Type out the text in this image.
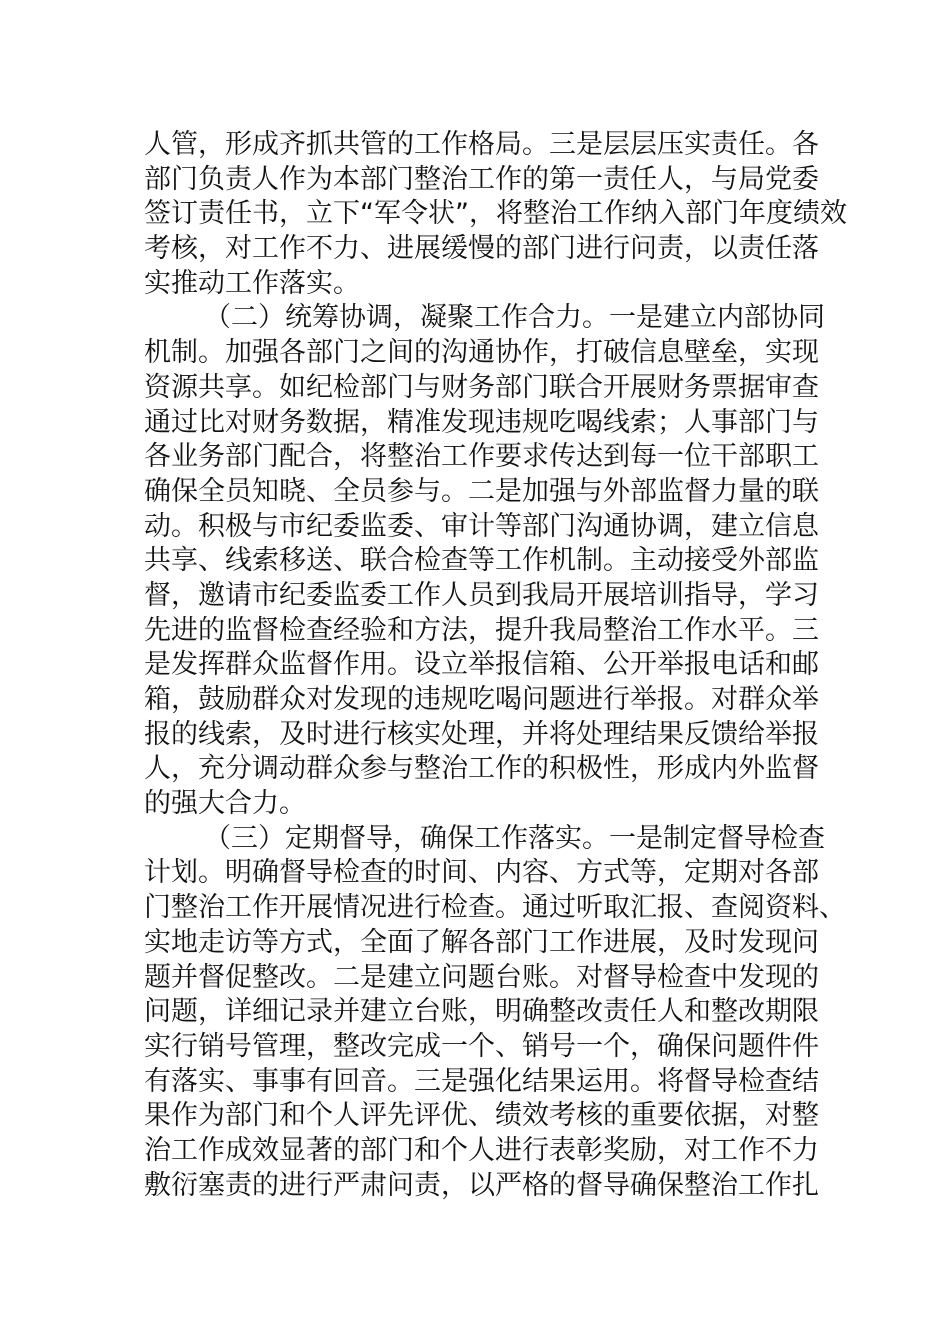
人管，形成齐抓共管的工作格局。三是层层压实责任。各
部门负责人作为本部门整治工作的第一责任人，与局党委
签订责任书，立下“军令状”，将整治工作纳入部门年度绩效
考核，对工作不力、进展缓慢的部门进行问责，以责任落
实推动工作落实。
（二）统筹协调，凝聚工作合力。一是建立内部协同
机制。加强各部门之间的沟通协作，打破信息壁垒，实现
资源共享。如纪检部门与财务部门联合开展财务票据审查
通过比对财务数据，精准发现违规吃喝线索；人事部门与
各业务部门配合，将整治工作要求传达到每一位干部职工
确保全员知晓、全员参与。二是加强与外部监督力量的联
动。积极与市纪委监委、审计等部门沟通协调，建立信息
共享、线索移送、联合检查等工作机制。主动接受外部监
督，邀请市纪委监委工作人员到我局开展培训指导，学习
先进的监督检查经验和方法，提升我局整治工作水平。三
是发挥群众监督作用。设立举报信箱、公开举报电话和邮
箱，鼓励群众对发现的违规吃喝问题进行举报。对群众举
报的线索，及时进行核实处理，并将处理结果反馈给举报
人，充分调动群众参与整治工作的积极性，形成内外监督
的强大合力。
（三）定期督导，确保工作落实。一是制定督导检查
计划。明确督导检查的时间、内容、方式等，定期对各部
门整治工作开展情况进行检查。通过听取汇报、查阅资料、
实地走访等方式，全面了解各部门工作进展，及时发现问
题并督促整改。二是建立问题台账。对督导检查中发现的
问题，详细记录并建立台账，明确整改责任人和整改期限
实行销号管理，整改完成一个、销号一个，确保问题件件
有落实、事事有回音。三是强化结果运用。将督导检查结
果作为部门和个人评先评优、绩效考核的重要依据，对整
治工作成效显著的部门和个人进行表彰奖励，对工作不力
敷衍塞责的进行严肃问责，以严格的督导确保整治工作扎
